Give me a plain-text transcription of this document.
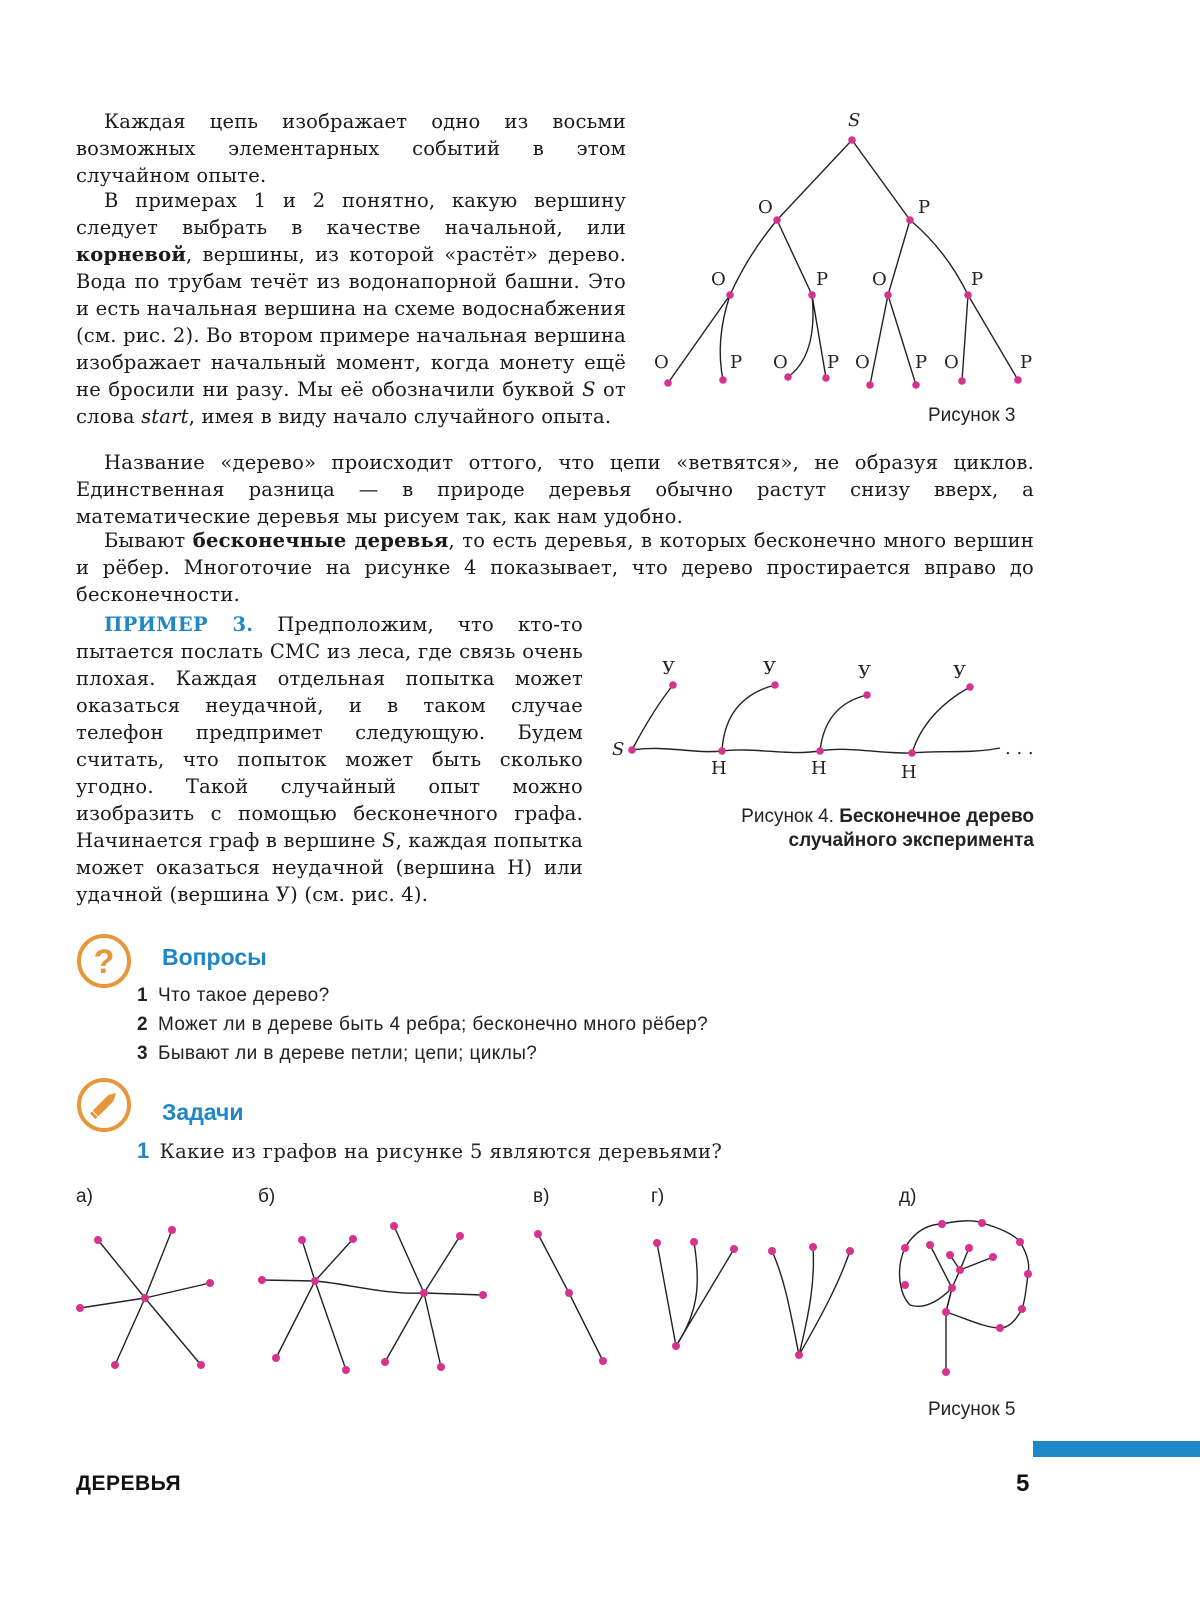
Каждая цепь изображает одно из восьми возможных элементарных событий в этом случайном опыте.

В примерах 1 и 2 понятно, какую вершину следует выбрать в качестве начальной, или корневой, вершины, из которой «растёт» дерево. Вода по трубам течёт из водонапорной башни. Это и есть начальная вершина на схеме водоснабжения (см. рис. 2). Во втором примере начальная вершина изображает начальный момент, когда монету ещё не бросили ни разу. Мы её обозначили буквой S от слова start, имея в виду начало случайного опыта.

Название «дерево» происходит оттого, что цепи «ветвятся», не образуя циклов. Единственная разница — в природе деревья обычно растут снизу вверх, а математические деревья мы рисуем так, как нам удобно.

Бывают бесконечные деревья, то есть деревья, в которых бесконечно много вершин и рёбер. Многоточие на рисунке 4 показывает, что дерево простирается вправо до бесконечности.

ПРИМЕР 3. Предположим, что кто-то пытается послать СМС из леса, где связь очень плохая. Каждая отдельная попытка может оказаться неудачной, и в таком случае телефон предпримет следующую. Будем считать, что попыток может быть сколько угодно. Такой случайный опыт можно изобразить с помощью бесконечного графа. Начинается граф в вершине S, каждая попытка может оказаться неудачной (вершина Н) или удачной (вершина У) (см. рис. 4).

S
О	Р
О	Р О	Р
О	Р О Р О	Р О	Р
Рисунок 3
S
У	У	У	У
Н	Н	Н
. . .
Рисунок 4. Бесконечное дерево
случайного эксперимента
? Вопросы
1 Что такое дерево?
2 Может ли в дереве быть 4 ребра; бесконечно много рёбер?
3 Бывают ли в дереве петли; цепи; циклы?
Задачи
1 Какие из графов на рисунке 5 являются деревьями?
а)	б)	в)	г)	д)
Рисунок 5
ДЕРЕВЬЯ	5
